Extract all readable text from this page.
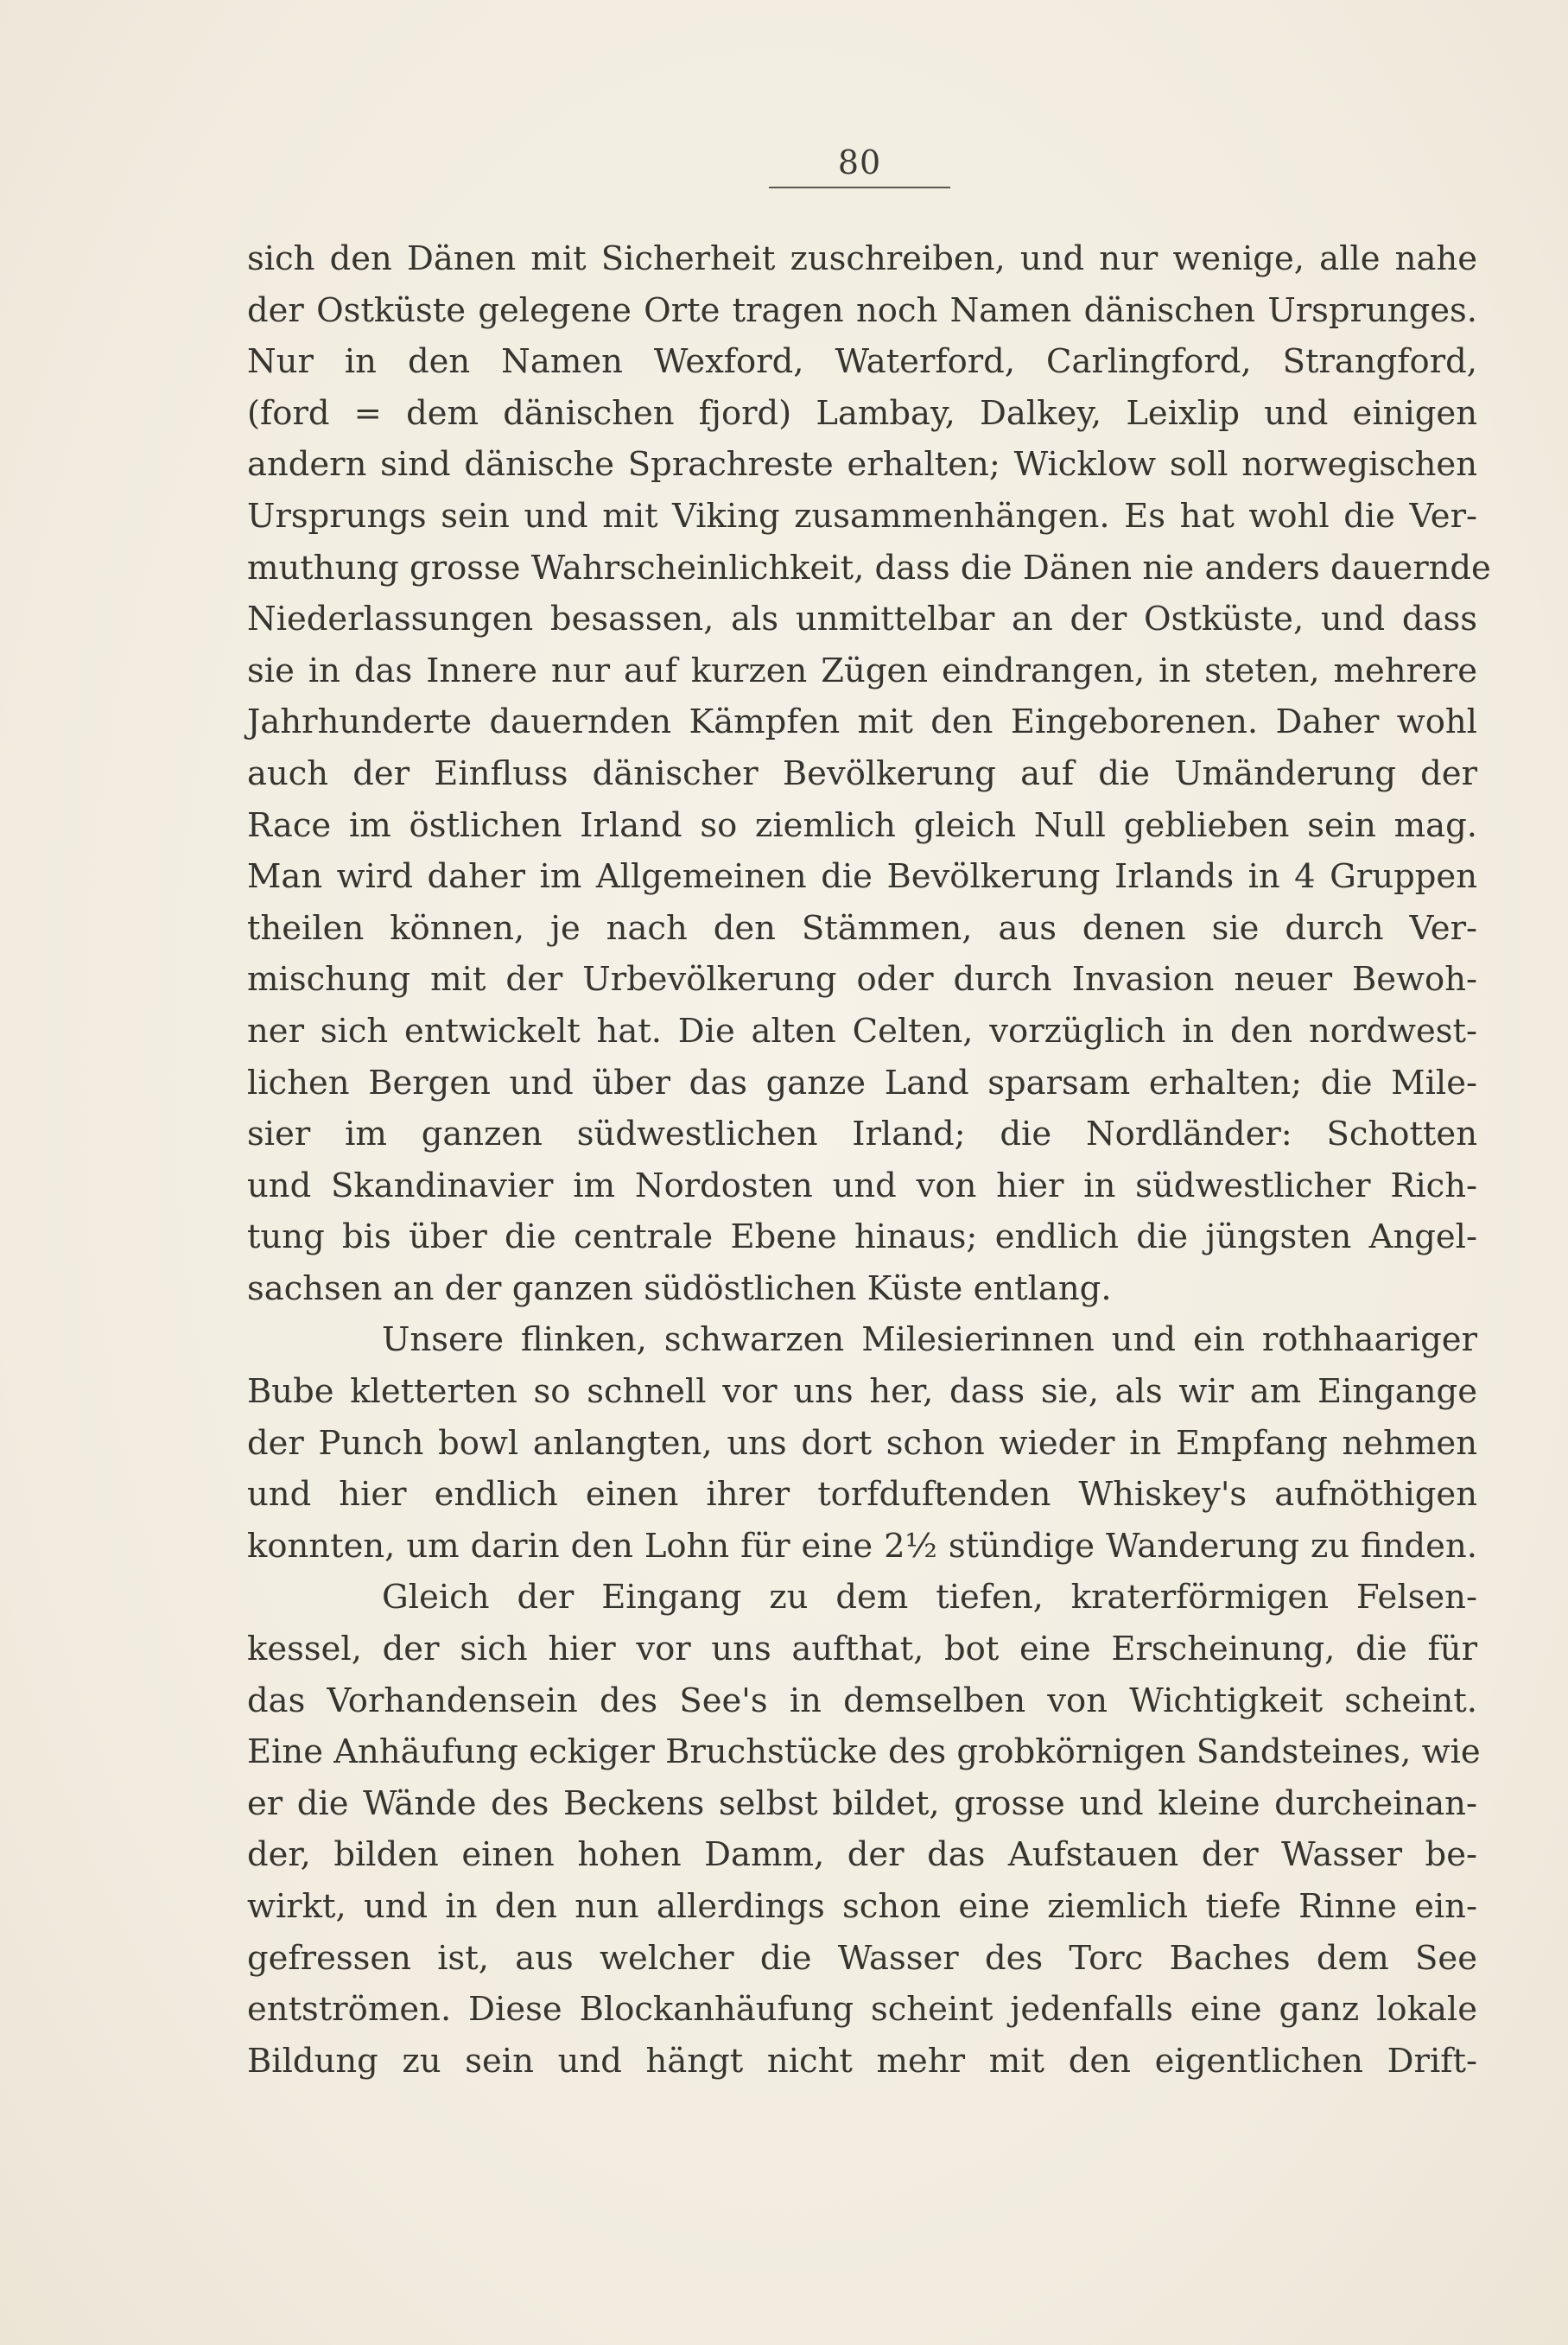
80
sich den Dänen mit Sicherheit zuschreiben, und nur wenige, alle nahe
der Ostküste gelegene Orte tragen noch Namen dänischen Ursprunges.
Nur in den Namen Wexford, Waterford, Carlingford, Strangford,
(ford = dem dänischen fjord) Lambay, Dalkey, Leixlip und einigen
andern sind dänische Sprachreste erhalten; Wicklow soll norwegischen
Ursprungs sein und mit Viking zusammenhängen. Es hat wohl die Ver-
muthung grosse Wahrscheinlichkeit, dass die Dänen nie anders dauernde
Niederlassungen besassen, als unmittelbar an der Ostküste, und dass
sie in das Innere nur auf kurzen Zügen eindrangen, in steten, mehrere
Jahrhunderte dauernden Kämpfen mit den Eingeborenen. Daher wohl
auch der Einfluss dänischer Bevölkerung auf die Umänderung der
Race im östlichen Irland so ziemlich gleich Null geblieben sein mag.
Man wird daher im Allgemeinen die Bevölkerung Irlands in 4 Gruppen
theilen können, je nach den Stämmen, aus denen sie durch Ver-
mischung mit der Urbevölkerung oder durch Invasion neuer Bewoh-
ner sich entwickelt hat. Die alten Celten, vorzüglich in den nordwest-
lichen Bergen und über das ganze Land sparsam erhalten; die Mile-
sier im ganzen südwestlichen Irland; die Nordländer: Schotten
und Skandinavier im Nordosten und von hier in südwestlicher Rich-
tung bis über die centrale Ebene hinaus; endlich die jüngsten Angel-
sachsen an der ganzen südöstlichen Küste entlang.
Unsere flinken, schwarzen Milesierinnen und ein rothhaariger
Bube kletterten so schnell vor uns her, dass sie, als wir am Eingange
der Punch bowl anlangten, uns dort schon wieder in Empfang nehmen
und hier endlich einen ihrer torfduftenden Whiskey's aufnöthigen
konnten, um darin den Lohn für eine 2½ stündige Wanderung zu finden.
Gleich der Eingang zu dem tiefen, kraterförmigen Felsen-
kessel, der sich hier vor uns aufthat, bot eine Erscheinung, die für
das Vorhandensein des See's in demselben von Wichtigkeit scheint.
Eine Anhäufung eckiger Bruchstücke des grobkörnigen Sandsteines, wie
er die Wände des Beckens selbst bildet, grosse und kleine durcheinan-
der, bilden einen hohen Damm, der das Aufstauen der Wasser be-
wirkt, und in den nun allerdings schon eine ziemlich tiefe Rinne ein-
gefressen ist, aus welcher die Wasser des Torc Baches dem See
entströmen. Diese Blockanhäufung scheint jedenfalls eine ganz lokale
Bildung zu sein und hängt nicht mehr mit den eigentlichen Drift-
